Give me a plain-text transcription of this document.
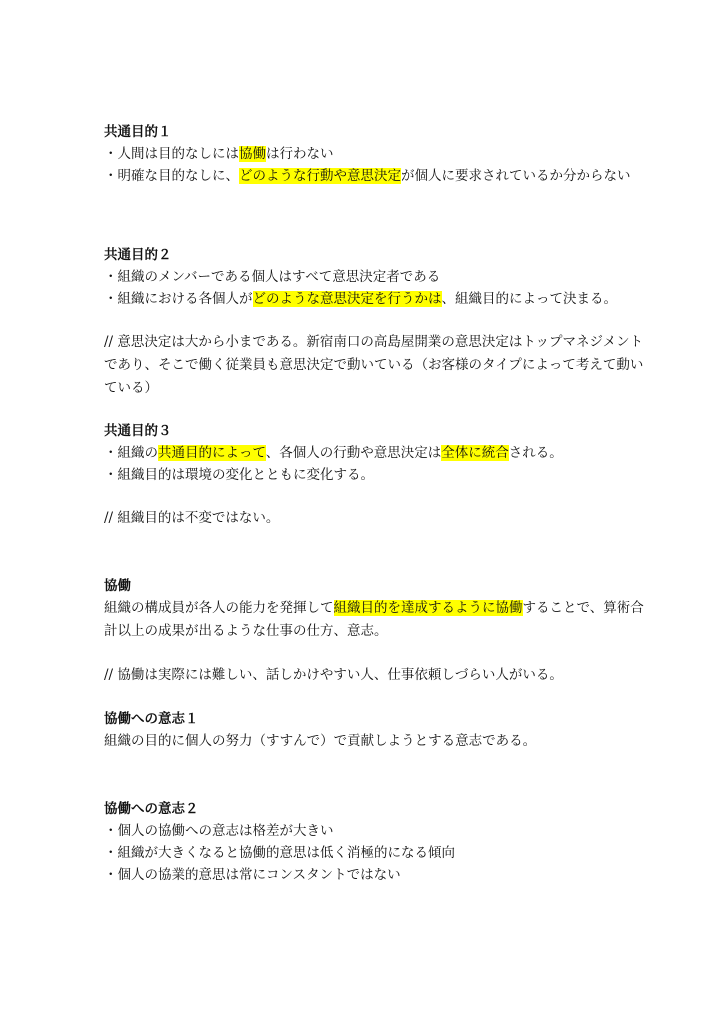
共通目的１
・人間は目的なしには協働は行わない
・明確な目的なしに、どのような行動や意思決定が個人に要求されているか分からない
共通目的２
・組織のメンバーである個人はすべて意思決定者である
・組織における各個人がどのような意思決定を行うかは、組織目的によって決まる。
// 意思決定は大から小まである。新宿南口の高島屋開業の意思決定はトップマネジメント
であり、そこで働く従業員も意思決定で動いている（お客様のタイプによって考えて動い
ている）
共通目的３
・組織の共通目的によって、各個人の行動や意思決定は全体に統合される。
・組織目的は環境の変化とともに変化する。
// 組織目的は不変ではない。
協働
組織の構成員が各人の能力を発揮して組織目的を達成するように協働することで、算術合
計以上の成果が出るような仕事の仕方、意志。
// 協働は実際には難しい、話しかけやすい人、仕事依頼しづらい人がいる。
協働への意志１
組織の目的に個人の努力（すすんで）で貢献しようとする意志である。
協働への意志２
・個人の協働への意志は格差が大きい
・組織が大きくなると協働的意思は低く消極的になる傾向
・個人の協業的意思は常にコンスタントではない
